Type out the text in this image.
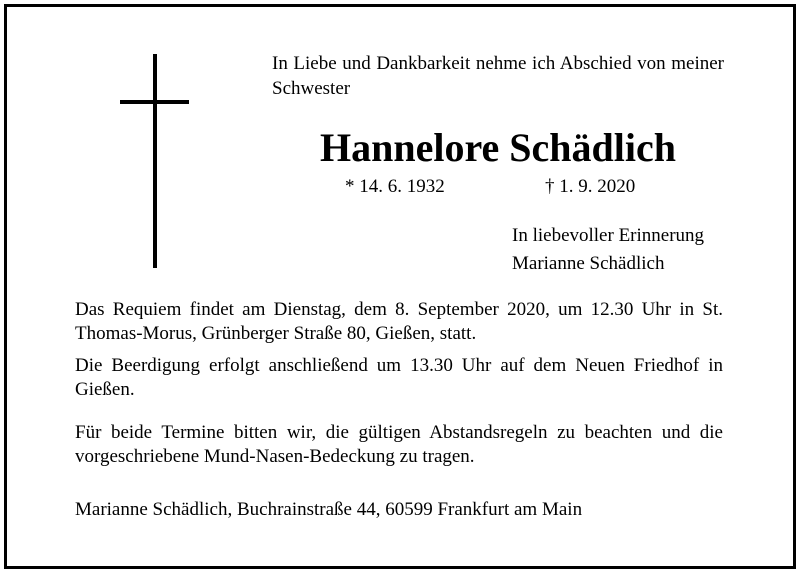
In Liebe und Dankbarkeit nehme ich Abschied von meiner Schwester
Hannelore Schädlich
* 14. 6. 1932	† 1. 9. 2020
In liebevoller Erinnerung
Marianne Schädlich
Das Requiem findet am Dienstag, dem 8. September 2020, um 12.30 Uhr in St. Thomas-Morus, Grünberger Straße 80, Gießen, statt.
Die Beerdigung erfolgt anschließend um 13.30 Uhr auf dem Neuen Friedhof in Gießen.
Für beide Termine bitten wir, die gültigen Abstandsregeln zu beachten und die vorgeschriebene Mund-Nasen-Bedeckung zu tragen.
Marianne Schädlich, Buchrainstraße 44, 60599 Frankfurt am Main
